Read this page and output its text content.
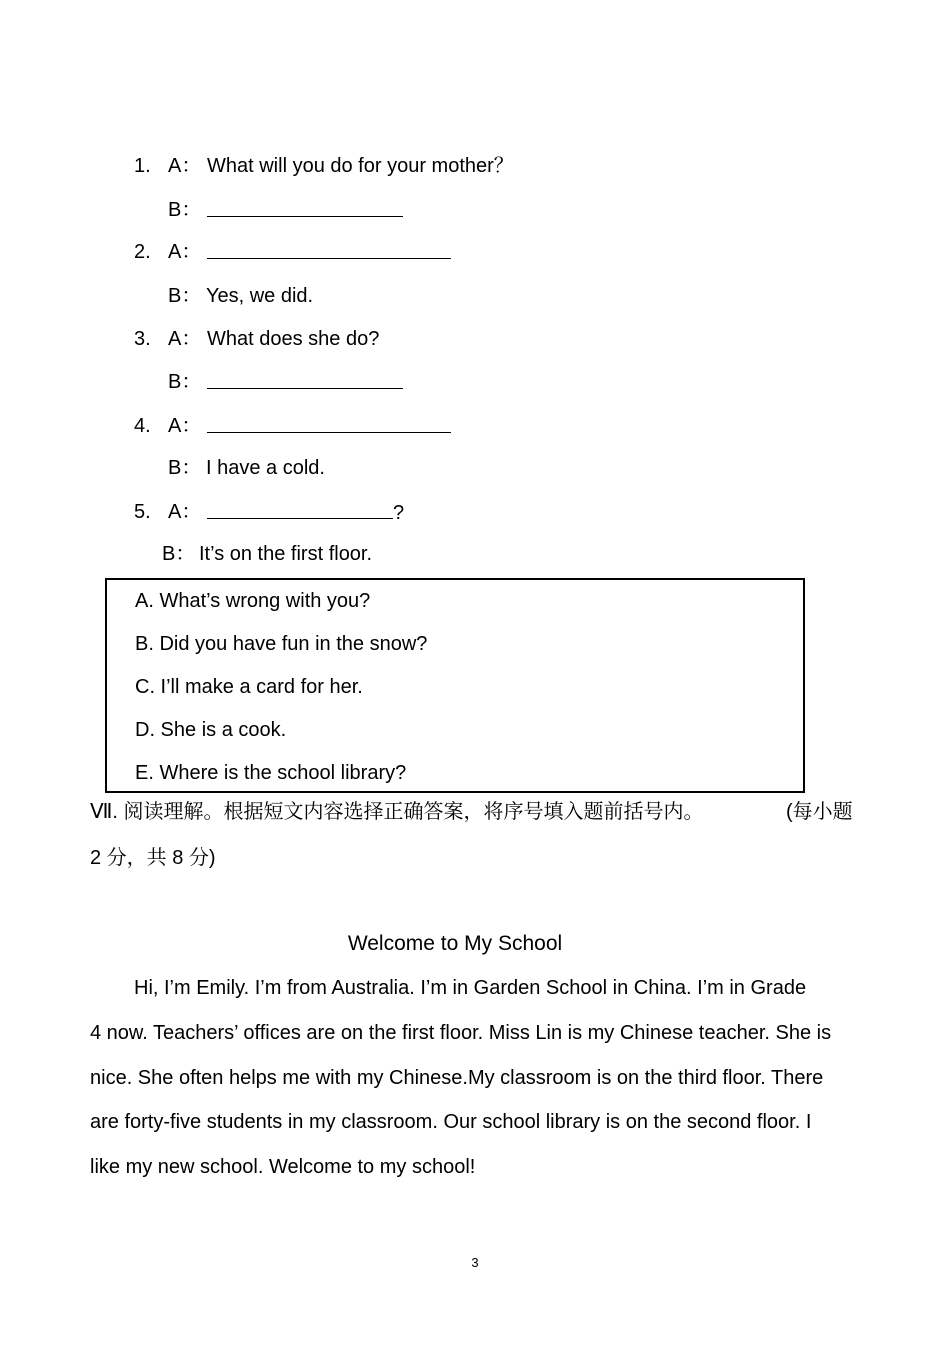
1. A： What will you do for your mother？
B：
2. A：
B： Yes, we did.
3. A： What does she do?
B：
4. A：
B： I have a cold.
5. A：	?
B： It’s on the first floor.
A. What’s wrong with you?
B. Did you have fun in the snow?
C. I’ll make a card for her.
D. She is a cook.
E. Where is the school library?
Ⅶ. 阅读理解。根据短文内容选择正确答案，将序号填入题前括号内。	(每小题
2 分，共 8 分)
Welcome to My School
Hi, I’m Emily. I’m from Australia. I’m in Garden School in China. I’m in Grade
4 now. Teachers’ offices are on the first floor. Miss Lin is my Chinese teacher. She is
nice. She often helps me with my Chinese.My classroom is on the third floor. There
are forty-five students in my classroom. Our school library is on the second floor. I
like my new school. Welcome to my school!
3
